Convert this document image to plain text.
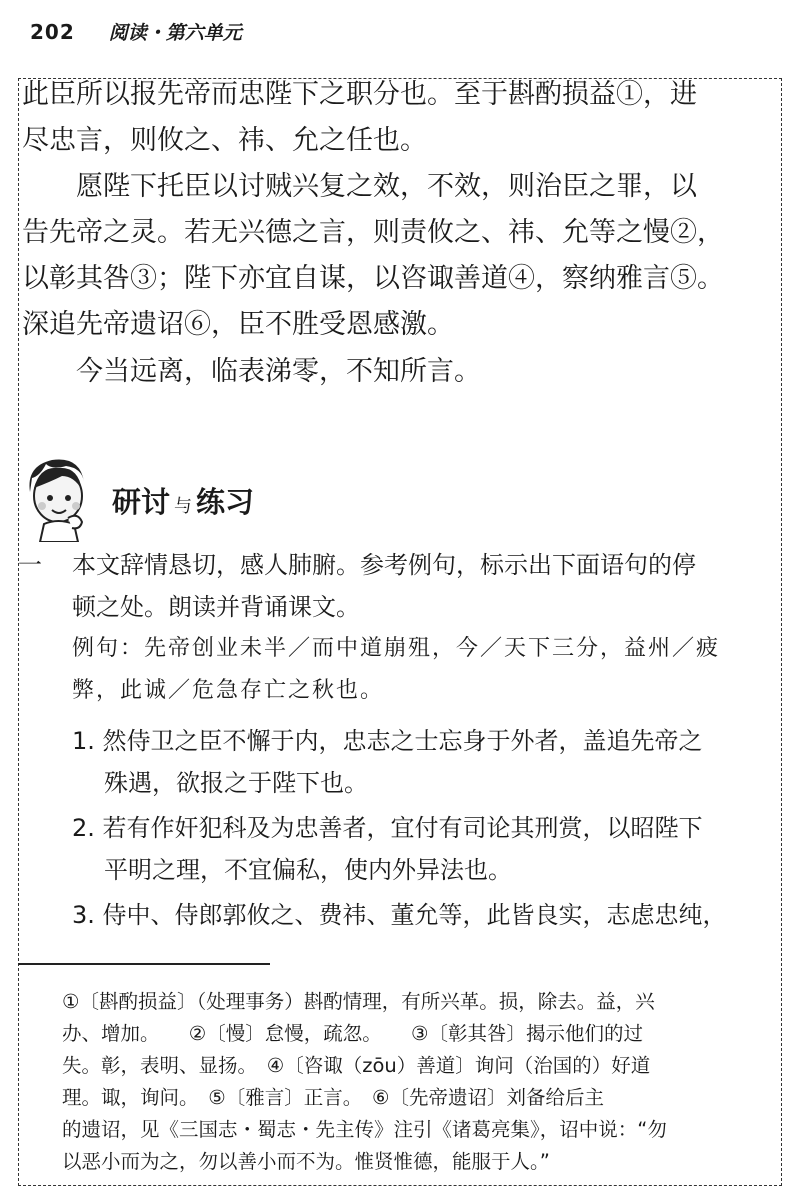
202 阅读・第六单元
此臣所以报先帝而忠陛下之职分也。至于斟酌损益①，进
尽忠言，则攸之、祎、允之任也。
愿陛下托臣以讨贼兴复之效，不效，则治臣之罪，以
告先帝之灵。若无兴德之言，则责攸之、祎、允等之慢②，
以彰其咎③；陛下亦宜自谋，以咨诹善道④，察纳雅言⑤。
深追先帝遗诏⑥，臣不胜受恩感激。
今当远离，临表涕零，不知所言。
研讨 与 练习
一 本文辞情恳切，感人肺腑。参考例句，标示出下面语句的停
顿之处。朗读并背诵课文。
例句：先帝创业未半／而中道崩殂，今／天下三分，益州／疲
弊，此诚／危急存亡之秋也。
1. 然侍卫之臣不懈于内，忠志之士忘身于外者，盖追先帝之
殊遇，欲报之于陛下也。
2. 若有作奸犯科及为忠善者，宜付有司论其刑赏，以昭陛下
平明之理，不宜偏私，使内外异法也。
3. 侍中、侍郎郭攸之、费祎、董允等，此皆良实，志虑忠纯，
①〔斟酌损益〕（处理事务）斟酌情理，有所兴革。损，除去。益，兴
办、增加。　　②〔慢〕怠慢，疏忽。　　③〔彰其咎〕揭示他们的过
失。彰，表明、显扬。　④〔咨诹（zōu）善道〕询问（治国的）好道
理。诹，询问。　⑤〔雅言〕正言。　⑥〔先帝遗诏〕刘备给后主
的遗诏，见《三国志・蜀志・先主传》注引《诸葛亮集》，诏中说：“勿
以恶小而为之，勿以善小而不为。惟贤惟德，能服于人。”
